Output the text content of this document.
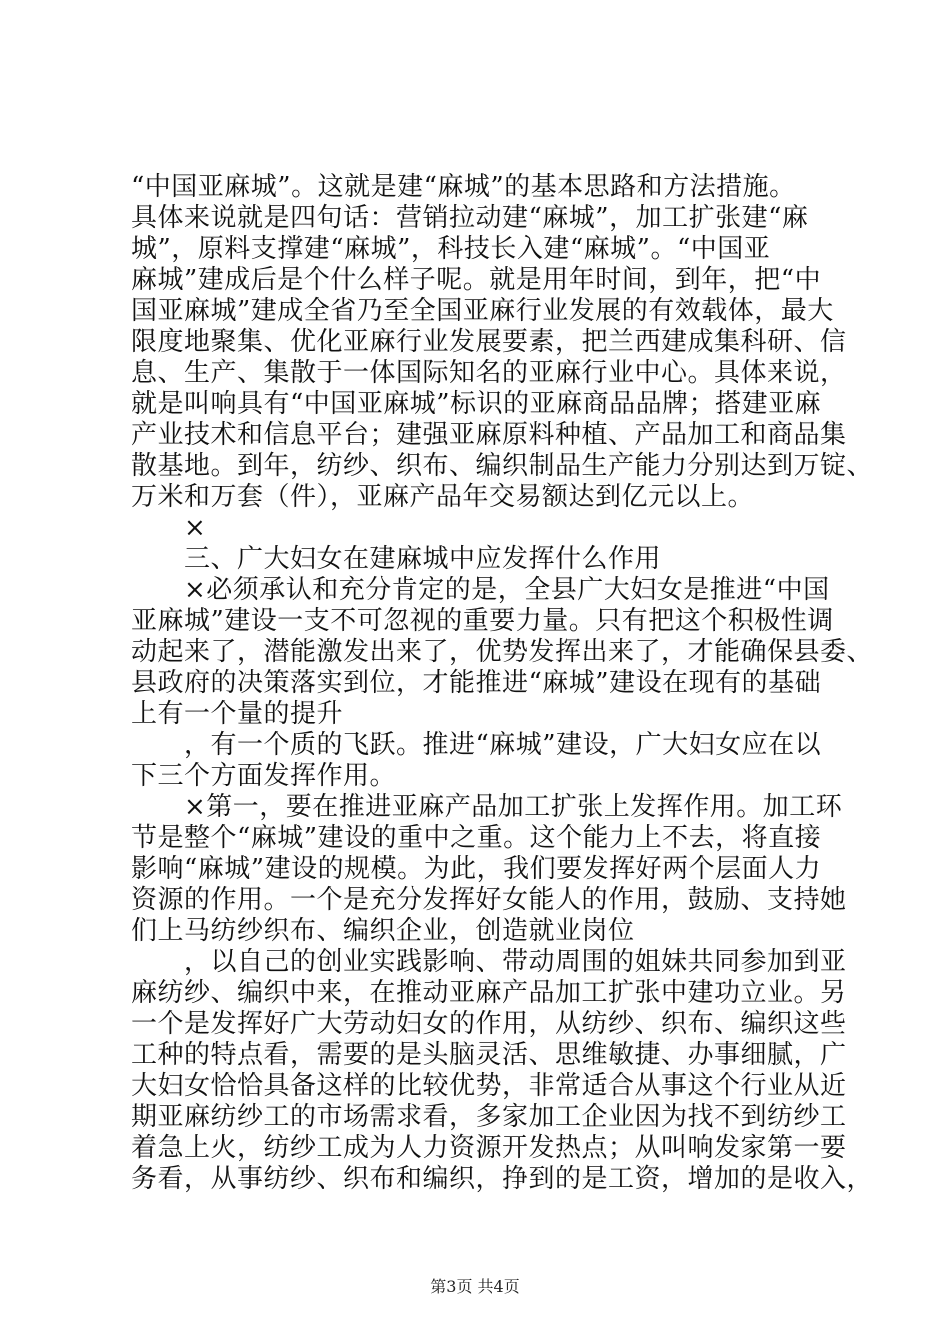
“中国亚麻城”。这就是建“麻城”的基本思路和方法措施。
具体来说就是四句话：营销拉动建“麻城”，加工扩张建“麻
城”，原料支撑建“麻城”，科技长入建“麻城”。“中国亚
麻城”建成后是个什么样子呢。就是用年时间，到年，把“中
国亚麻城”建成全省乃至全国亚麻行业发展的有效载体，最大
限度地聚集、优化亚麻行业发展要素，把兰西建成集科研、信
息、生产、集散于一体国际知名的亚麻行业中心。具体来说，
就是叫响具有“中国亚麻城”标识的亚麻商品品牌；搭建亚麻
产业技术和信息平台；建强亚麻原料种植、产品加工和商品集
散基地。到年，纺纱、织布、编织制品生产能力分别达到万锭、
万米和万套（件），亚麻产品年交易额达到亿元以上。
　　×
　　三、广大妇女在建麻城中应发挥什么作用
　　×必须承认和充分肯定的是，全县广大妇女是推进“中国
亚麻城”建设一支不可忽视的重要力量。只有把这个积极性调
动起来了，潜能激发出来了，优势发挥出来了，才能确保县委、
县政府的决策落实到位，才能推进“麻城”建设在现有的基础
上有一个量的提升
　　，有一个质的飞跃。推进“麻城”建设，广大妇女应在以
下三个方面发挥作用。
　　×第一，要在推进亚麻产品加工扩张上发挥作用。加工环
节是整个“麻城”建设的重中之重。这个能力上不去，将直接
影响“麻城”建设的规模。为此，我们要发挥好两个层面人力
资源的作用。一个是充分发挥好女能人的作用，鼓励、支持她
们上马纺纱织布、编织企业，创造就业岗位
　　，以自己的创业实践影响、带动周围的姐妹共同参加到亚
麻纺纱、编织中来，在推动亚麻产品加工扩张中建功立业。另
一个是发挥好广大劳动妇女的作用，从纺纱、织布、编织这些
工种的特点看，需要的是头脑灵活、思维敏捷、办事细腻，广
大妇女恰恰具备这样的比较优势，非常适合从事这个行业从近
期亚麻纺纱工的市场需求看，多家加工企业因为找不到纺纱工
着急上火，纺纱工成为人力资源开发热点；从叫响发家第一要
务看，从事纺纱、织布和编织，挣到的是工资，增加的是收入，
第3页 共4页
